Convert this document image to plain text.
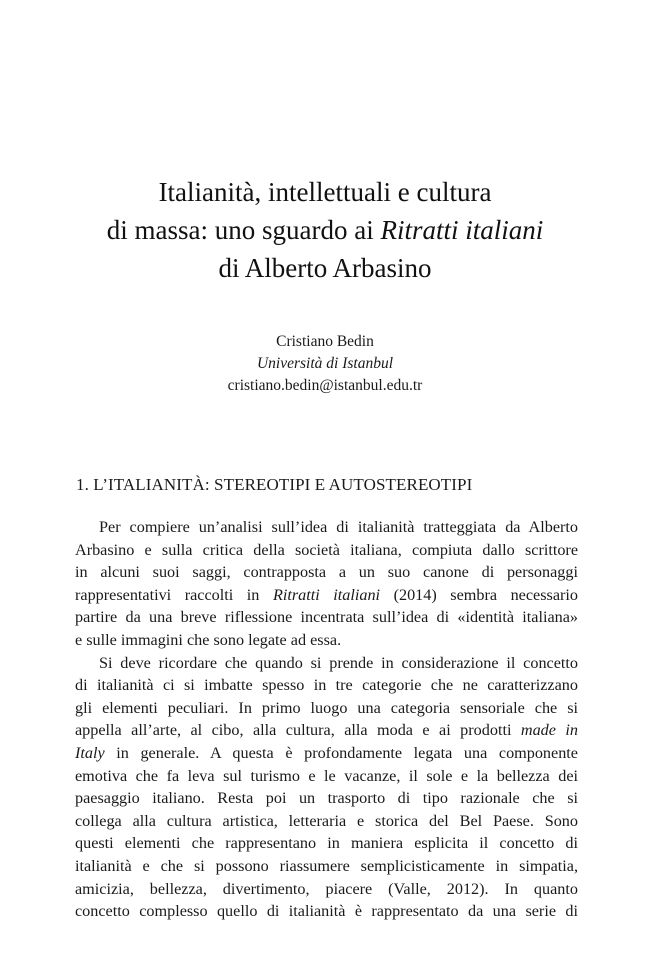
Italianità, intellettuali e cultura
di massa: uno sguardo ai Ritratti italiani
di Alberto Arbasino
Cristiano Bedin
Università di Istanbul
cristiano.bedin@istanbul.edu.tr
1. L’ITALIANITÀ: STEREOTIPI E AUTOSTEREOTIPI
Per compiere un’analisi sull’idea di italianità tratteggiata da Alberto
Arbasino e sulla critica della società italiana, compiuta dallo scrittore
in alcuni suoi saggi, contrapposta a un suo canone di personaggi
rappresentativi raccolti in Ritratti italiani (2014) sembra necessario
partire da una breve riflessione incentrata sull’idea di «identità italiana»
e sulle immagini che sono legate ad essa.
Si deve ricordare che quando si prende in considerazione il concetto
di italianità ci si imbatte spesso in tre categorie che ne caratterizzano
gli elementi peculiari. In primo luogo una categoria sensoriale che si
appella all’arte, al cibo, alla cultura, alla moda e ai prodotti made in
Italy in generale. A questa è profondamente legata una componente
emotiva che fa leva sul turismo e le vacanze, il sole e la bellezza dei
paesaggio italiano. Resta poi un trasporto di tipo razionale che si
collega alla cultura artistica, letteraria e storica del Bel Paese. Sono
questi elementi che rappresentano in maniera esplicita il concetto di
italianità e che si possono riassumere semplicisticamente in simpatia,
amicizia, bellezza, divertimento, piacere (Valle, 2012). In quanto
concetto complesso quello di italianità è rappresentato da una serie di
